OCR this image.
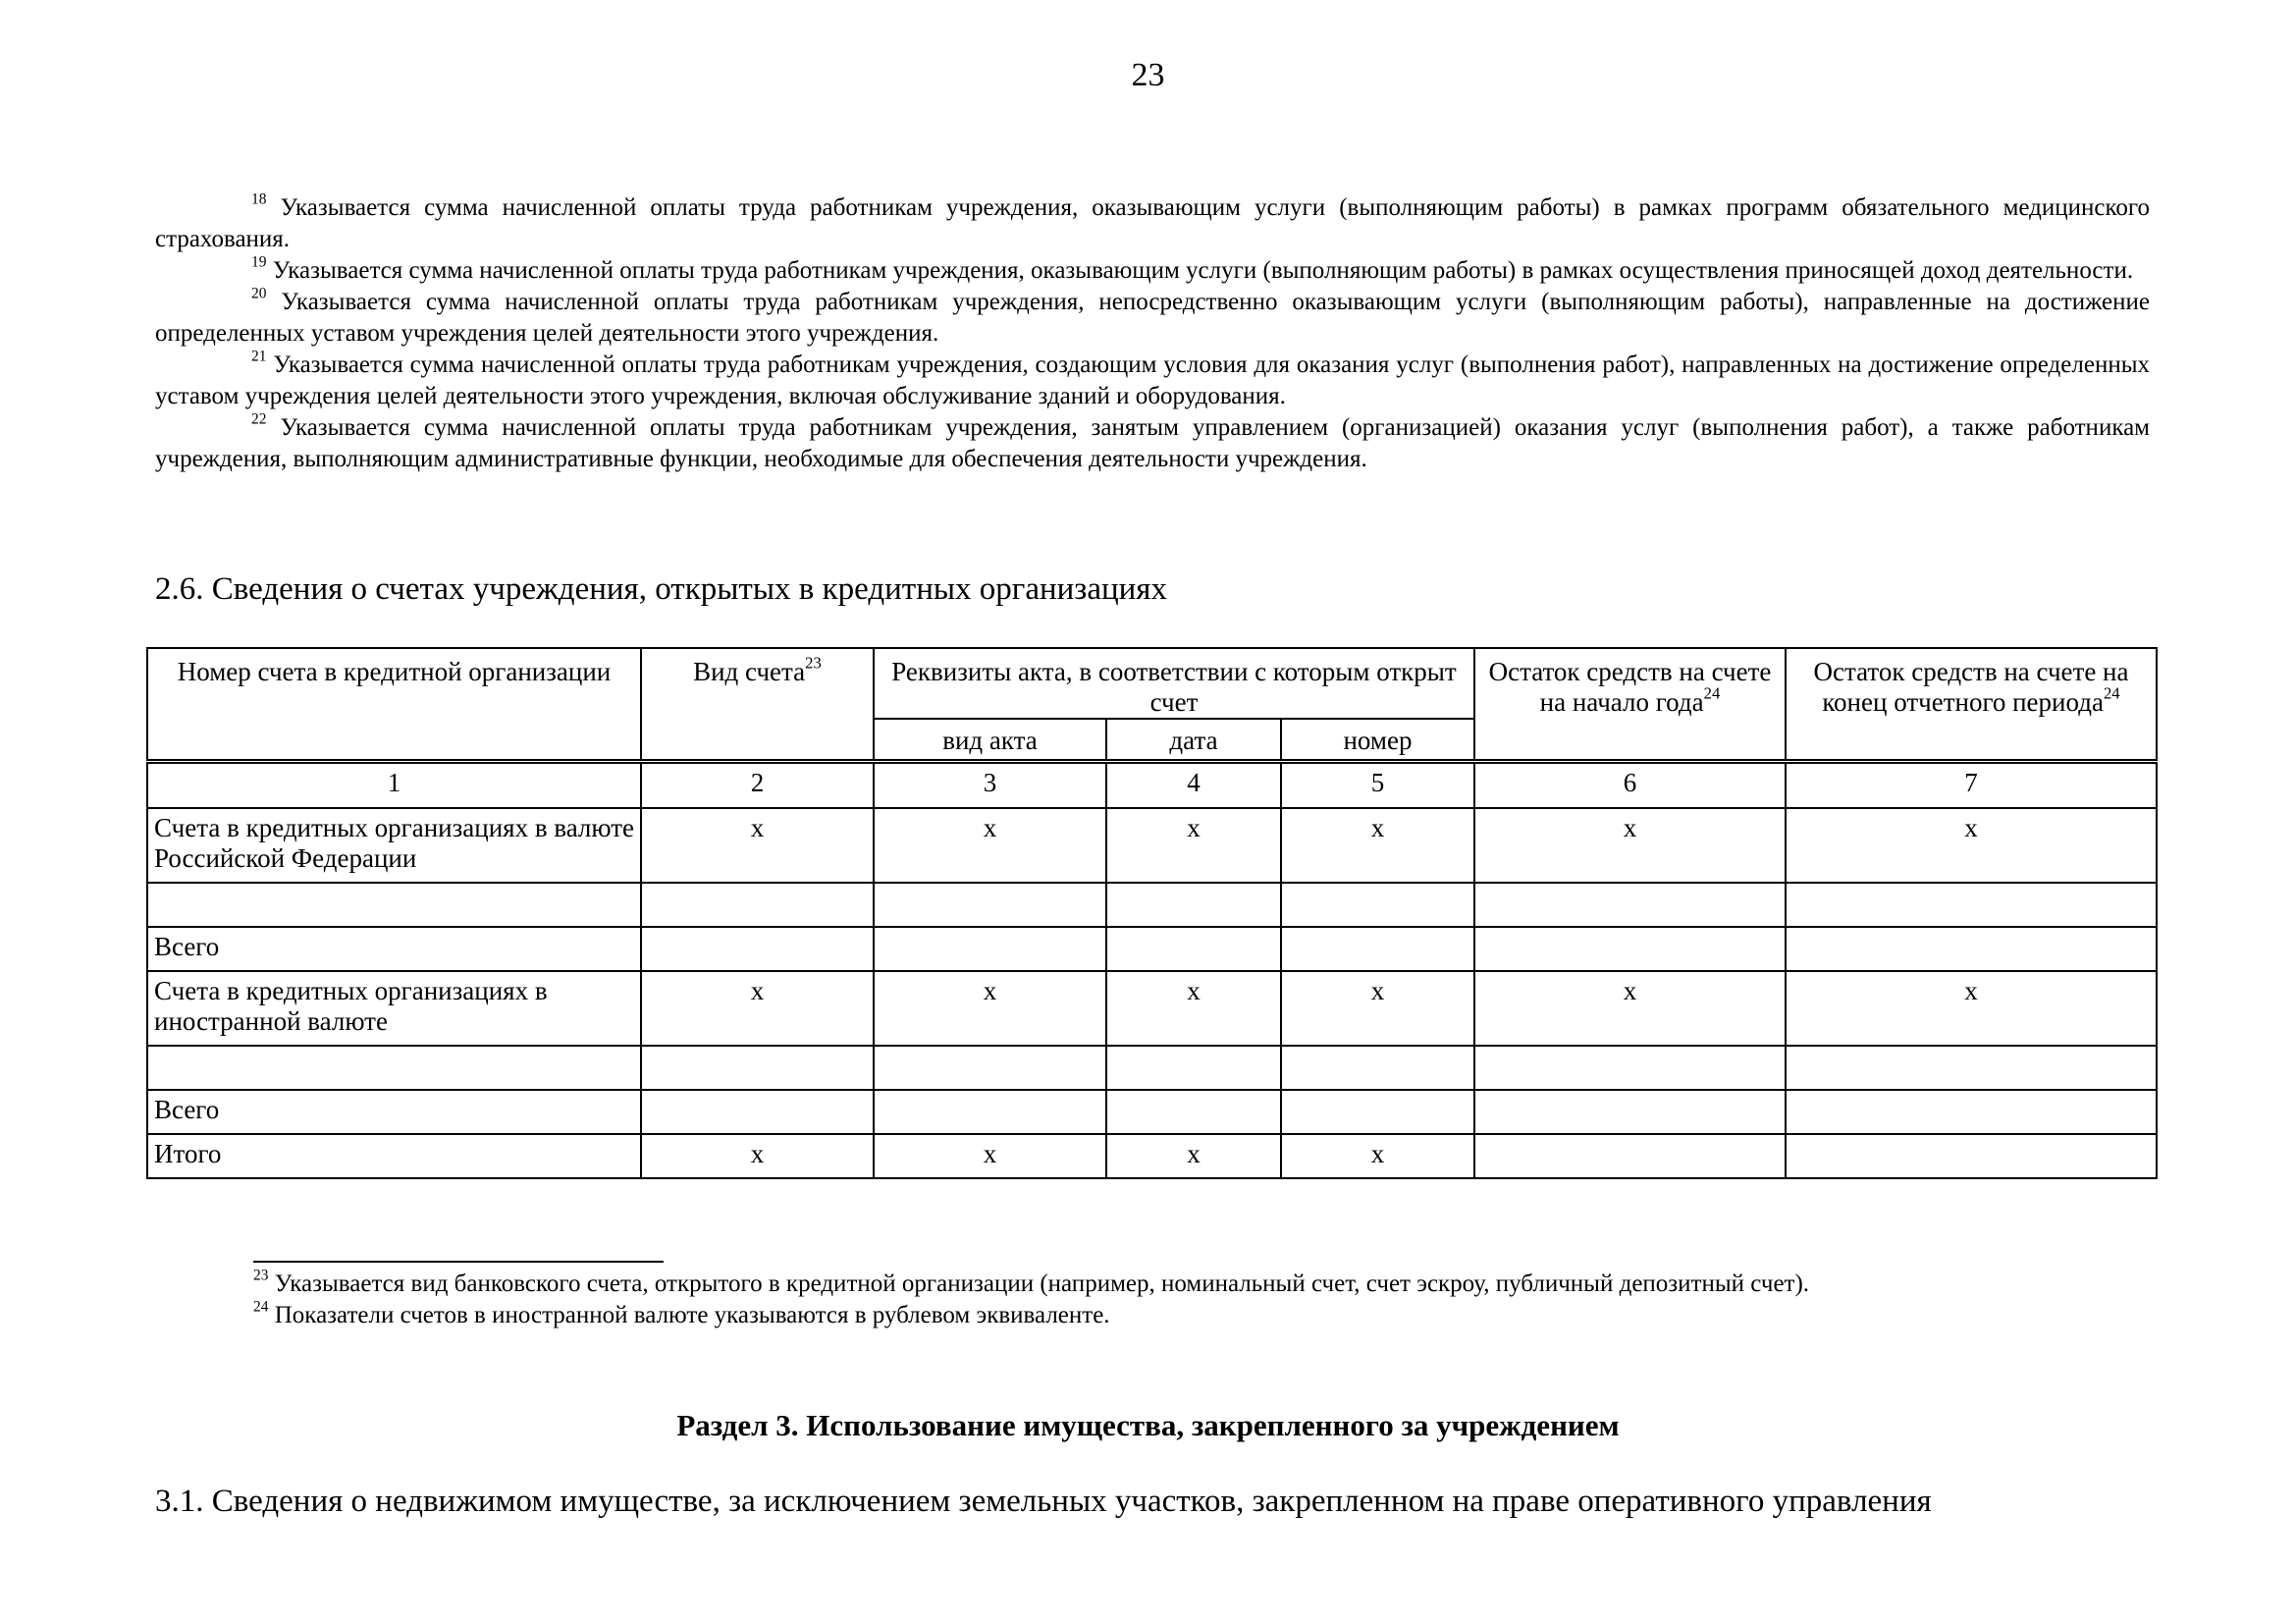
23

$^{18}$ Указывается сумма начисленной оплаты труда работникам учреждения, оказывающим услуги (выполняющим работы) в рамках программ обязательного медицинского страхования.

$^{19}$ Указывается сумма начисленной оплаты труда работникам учреждения, оказывающим услуги (выполняющим работы) в рамках осуществления приносящей доход деятельности.

$^{20}$ Указывается сумма начисленной оплаты труда работникам учреждения, непосредственно оказывающим услуги (выполняющим работы), направленные на достижение определенных уставом учреждения целей деятельности этого учреждения.

$^{21}$ Указывается сумма начисленной оплаты труда работникам учреждения, создающим условия для оказания услуг (выполнения работ), направленных на достижение определенных уставом учреждения целей деятельности этого учреждения, включая обслуживание зданий и оборудования.

$^{22}$ Указывается сумма начисленной оплаты труда работникам учреждения, занятым управлением (организацией) оказания услуг (выполнения работ), а также работникам учреждения, выполняющим административные функции, необходимые для обеспечения деятельности учреждения.

2.6. Сведения о счетах учреждения, открытых в кредитных организациях
Номер счета в кредитной организации	Вид счета$^{23}$	Реквизиты акта, в соответствии с которым открыт счет			Остаток средств на счете на начало года$^{24}$	Остаток средств на счете на конец отчетного периода$^{24}$
		вид акта	дата	номер		
1	2	3	4	5	6	7
Счета в кредитных организациях в валюте Российской Федерации	x	x	x	x	x	x

Всего						
Счета в кредитных организациях в иностранной валюте	x	x	x	x	x	x

Всего						
Итого	x	x	x	x		

$^{23}$ Указывается вид банковского счета, открытого в кредитной организации (например, номинальный счет, счет эскроу, публичный депозитный счет).

$^{24}$ Показатели счетов в иностранной валюте указываются в рублевом эквиваленте.

Раздел 3. Использование имущества, закрепленного за учреждением
3.1. Сведения о недвижимом имуществе, за исключением земельных участков, закрепленном на праве оперативного управления
